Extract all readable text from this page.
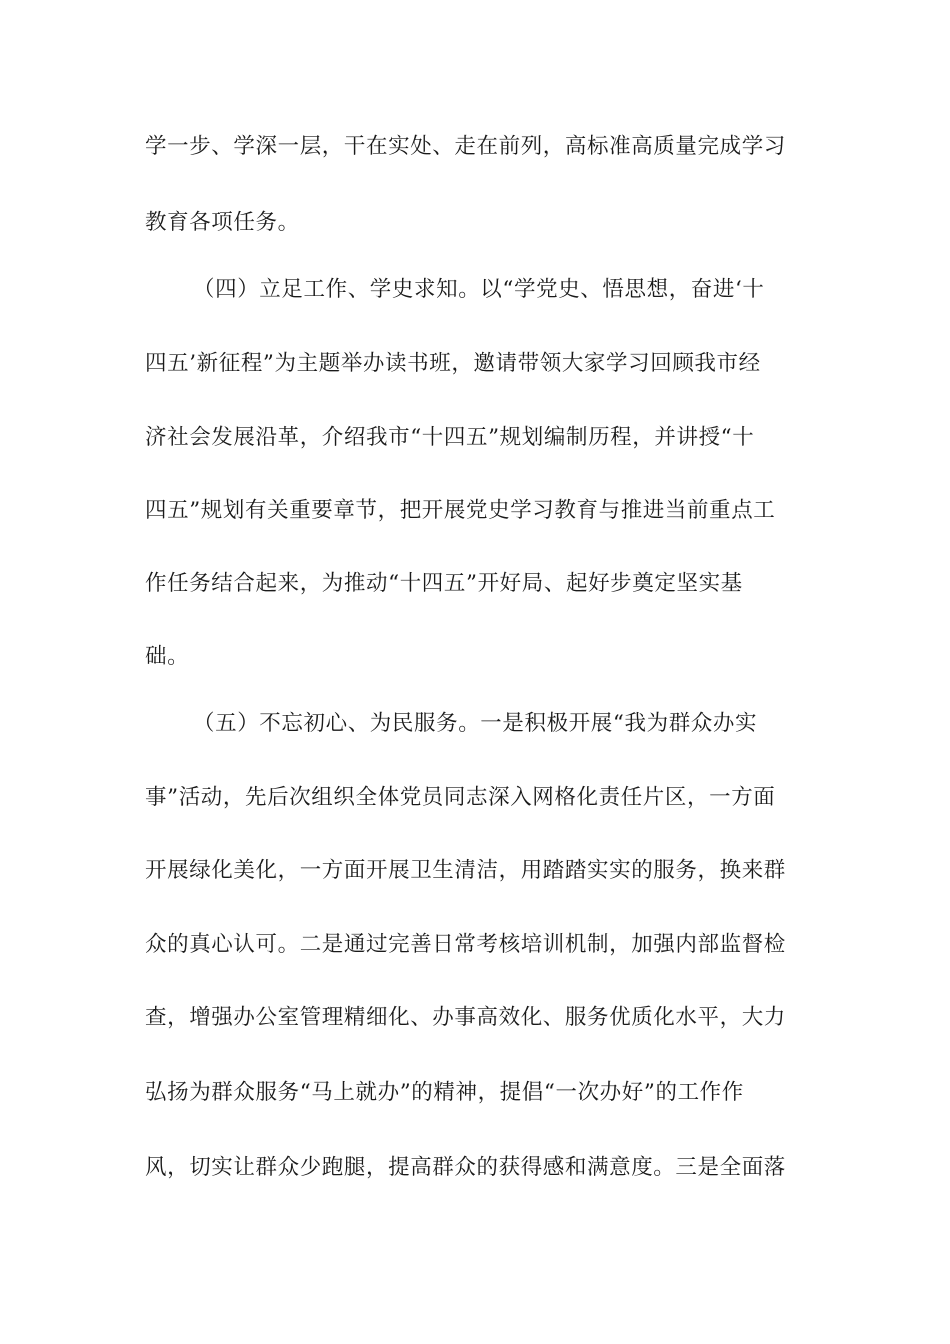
学一步、学深一层，干在实处、走在前列，高标准高质量完成学习
教育各项任务。
（四）立足工作、学史求知。以“学党史、悟思想，奋进‘十
四五’新征程”为主题举办读书班，邀请带领大家学习回顾我市经
济社会发展沿革，介绍我市“十四五”规划编制历程，并讲授“十
四五”规划有关重要章节，把开展党史学习教育与推进当前重点工
作任务结合起来，为推动“十四五”开好局、起好步奠定坚实基
础。
（五）不忘初心、为民服务。一是积极开展“我为群众办实
事”活动，先后次组织全体党员同志深入网格化责任片区，一方面
开展绿化美化，一方面开展卫生清洁，用踏踏实实的服务，换来群
众的真心认可。二是通过完善日常考核培训机制，加强内部监督检
查，增强办公室管理精细化、办事高效化、服务优质化水平，大力
弘扬为群众服务“马上就办”的精神，提倡“一次办好”的工作作
风，切实让群众少跑腿，提高群众的获得感和满意度。三是全面落
